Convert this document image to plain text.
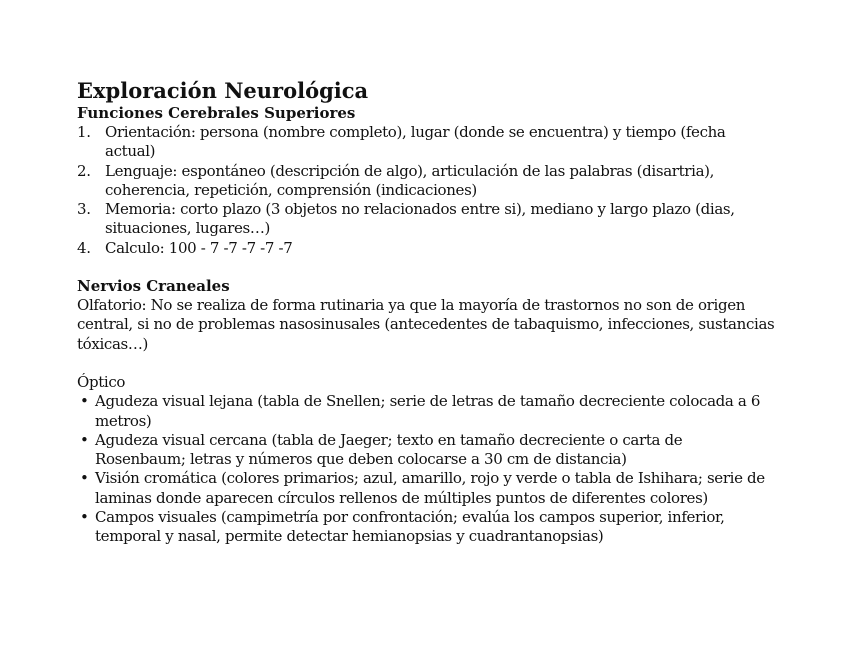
Exploración Neurológica
Funciones Cerebrales Superiores
1. Orientación: persona (nombre completo), lugar (donde se encuentra) y tiempo (fecha actual)
2. Lenguaje: espontáneo (descripción de algo), articulación de las palabras (disartria), coherencia, repetición, comprensión (indicaciones)
3. Memoria: corto plazo (3 objetos no relacionados entre si), mediano y largo plazo (dias, situaciones, lugares…)
4. Calculo: 100 - 7 -7 -7 -7 -7
Nervios Craneales

Olfatorio: No se realiza de forma rutinaria ya que la mayoría de trastornos no son de origen central, si no de problemas nasosinusales (antecedentes de tabaquismo, infecciones, sustancias tóxicas…)

Óptico

• Agudeza visual lejana (tabla de Snellen; serie de letras de tamaño decreciente colocada a 6 metros)
• Agudeza visual cercana (tabla de Jaeger; texto en tamaño decreciente o carta de Rosenbaum; letras y números que deben colocarse a 30 cm de distancia)
• Visión cromática (colores primarios; azul, amarillo, rojo y verde o tabla de Ishihara; serie de laminas donde aparecen círculos rellenos de múltiples puntos de diferentes colores)
• Campos visuales (campimetría por confrontación; evalúa los campos superior, inferior, temporal y nasal, permite detectar hemianopsias y cuadrantanopsias)
